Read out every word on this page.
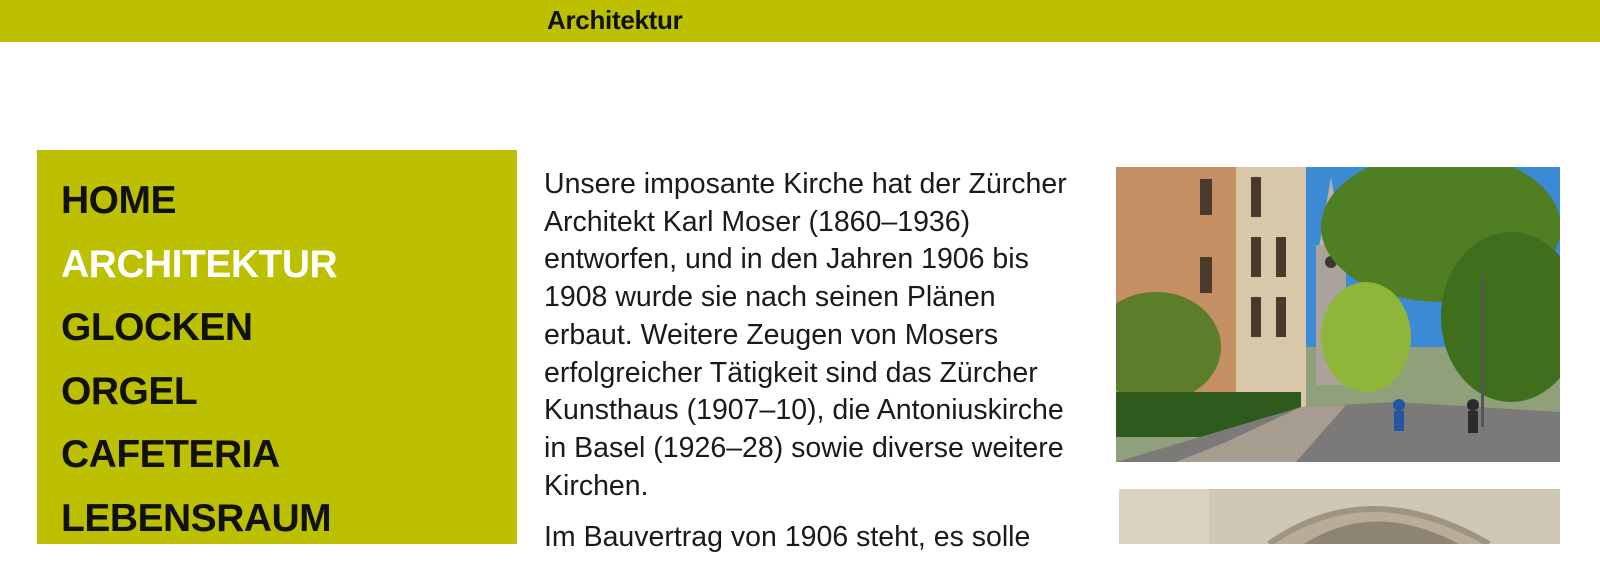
Architektur
HOME
ARCHITEKTUR
GLOCKEN
ORGEL
CAFETERIA
LEBENSRAUM

Unsere imposante Kirche hat der Zürcher Architekt Karl Moser (1860–1936) entworfen, und in den Jahren 1906 bis 1908 wurde sie nach seinen Plänen erbaut. Weitere Zeugen von Mosers erfolgreicher Tätigkeit sind das Zürcher Kunsthaus (1907–10), die Antoniuskirche in Basel (1926–28) sowie diverse weitere Kirchen.

Im Bauvertrag von 1906 steht, es solle
